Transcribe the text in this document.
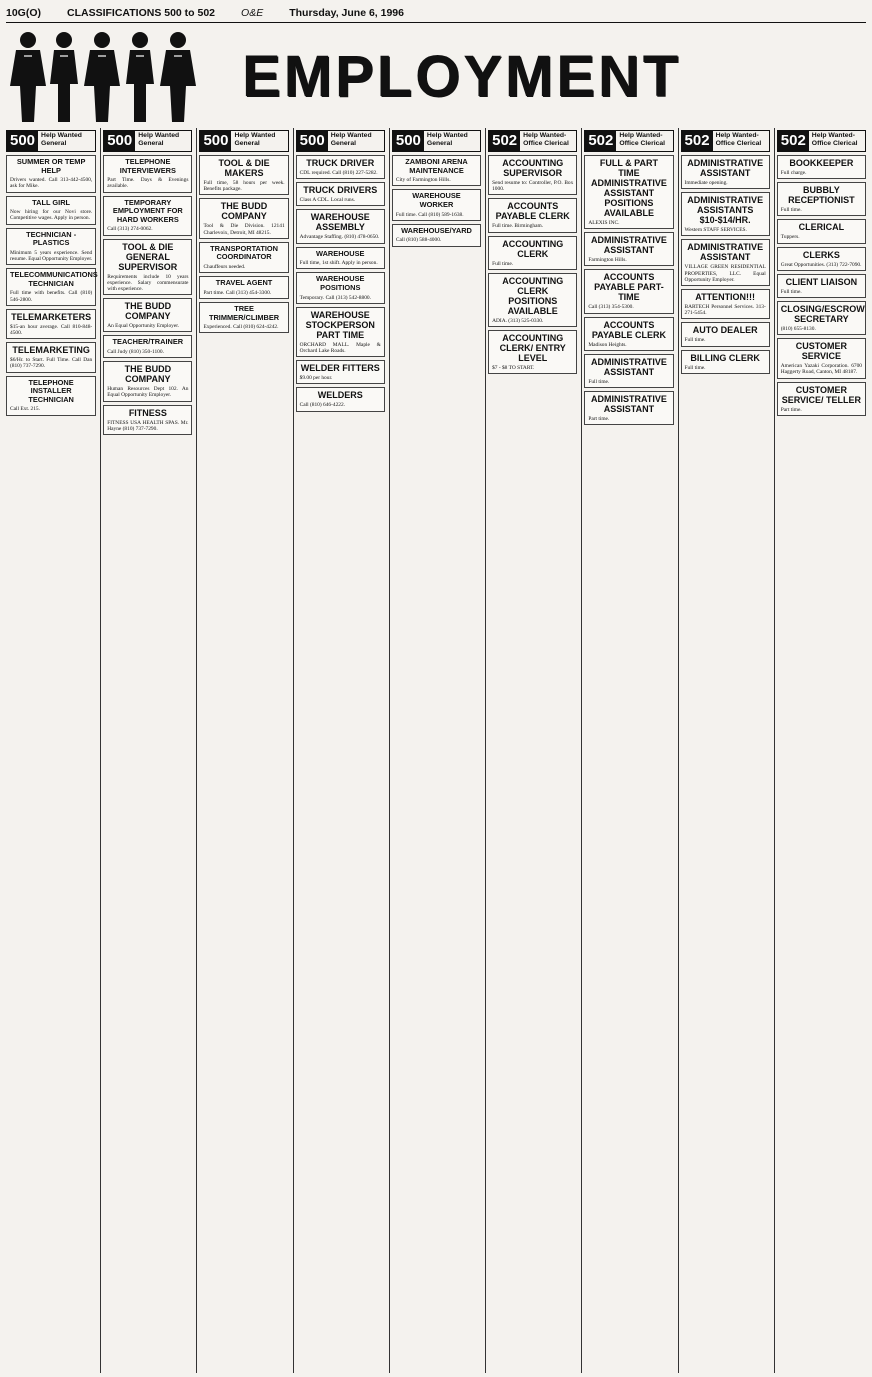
10G(O) CLASSIFICATIONS 500 to 502 O&E Thursday, June 6, 1996
EMPLOYMENT
500 Help Wanted General
SUMMER OR TEMP HELP
Drivers wanted. Call 313-442-4500, ask for Mike.
TALL GIRL
Now hiring for our Novi store. Competitive wages. Apply in person.
TECHNICIAN - PLASTICS
Minimum 5 years experience. Send resume. Equal Opportunity Employer.
TELECOMMUNICATIONS TECHNICIAN
Full time with benefits. Call (810) 546-2800.
TELEMARKETERS
$15-an hour average. Call 810-848-4500.
TELEMARKETING
$6/Hr. to Start. Full Time. Call Dan (810) 737-7290.
TELEPHONE INSTALLER TECHNICIAN
Call Ext. 215.
500 Help Wanted General
TELEPHONE INTERVIEWERS
Part Time. Days & Evenings available.
TEMPORARY EMPLOYMENT FOR HARD WORKERS
Call (313) 274-0062.
TOOL & DIE GENERAL SUPERVISOR
Requirements include 10 years experience. Salary commensurate with experience.
THE BUDD COMPANY
An Equal Opportunity Employer.
TEACHER/TRAINER
Call Judy (810) 350-1100.
THE BUDD COMPANY
Human Resources Dept 102. An Equal Opportunity Employer.
FITNESS
FITNESS USA HEALTH SPAS. Mr. Hayne (810) 737-7290.
500 Help Wanted General
TOOL & DIE MAKERS
Full time, 58 hours per week. Benefits package.
THE BUDD COMPANY
Tool & Die Division. 12141 Charlevoix, Detroit, MI 48215.
TRANSPORTATION COORDINATOR
Chauffeurs needed.
TRAVEL AGENT
Part time. Call (313) 454-3300.
TREE TRIMMER/CLIMBER
Experienced. Call (810) 624-4242.
500 Help Wanted General
TRUCK DRIVER
CDL required. Call (810) 227-5282.
TRUCK DRIVERS
Class A CDL. Local runs.
WAREHOUSE ASSEMBLY
Advantage Staffing. (810) 478-0650.
WAREHOUSE
Full time, 1st shift. Apply in person.
WAREHOUSE POSITIONS
Temporary. Call (313) 542-8800.
WAREHOUSE STOCKPERSON PART TIME
ORCHARD MALL. Maple & Orchard Lake Roads.
WELDER FITTERS
$9.00 per hour.
WELDERS
Call (810) 646-4222.
500 Help Wanted General
ZAMBONI ARENA MAINTENANCE
City of Farmington Hills.
WAREHOUSE WORKER
Full time. Call (810) 589-1638.
WAREHOUSE/YARD
Call (810) 588-4000.
502 Help Wanted-Office Clerical
ACCOUNTING SUPERVISOR
Send resume to: Controller, P.O. Box 1000.
ACCOUNTS PAYABLE CLERK
Full time. Birmingham.
ACCOUNTING CLERK
Full time.
ACCOUNTING CLERK POSITIONS AVAILABLE
ADIA. (313) 525-0330.
ACCOUNTING CLERK/ ENTRY LEVEL
$7 - $8 TO START.
502 Help Wanted-Office Clerical
FULL & PART TIME ADMINISTRATIVE ASSISTANT POSITIONS AVAILABLE
ALEXIS INC.
ADMINISTRATIVE ASSISTANT
Farmington Hills.
ACCOUNTS PAYABLE PART-TIME
Call (313) 354-5300.
ACCOUNTS PAYABLE CLERK
Madison Heights.
ADMINISTRATIVE ASSISTANT
Full time.
ADMINISTRATIVE ASSISTANT
Part time.
502 Help Wanted-Office Clerical
ADMINISTRATIVE ASSISTANT
Immediate opening.
ADMINISTRATIVE ASSISTANTS $10-$14/HR.
Western STAFF SERVICES.
ADMINISTRATIVE ASSISTANT
VILLAGE GREEN RESIDENTIAL PROPERTIES, LLC. Equal Opportunity Employer.
ATTENTION!!!
BARTECH Personnel Services. 313-271-5454.
AUTO DEALER
Full time.
BILLING CLERK
Full time.
502 Help Wanted-Office Clerical
BOOKKEEPER
Full charge.
BUBBLY RECEPTIONIST
Full time.
CLERICAL
Tuppers.
CLERKS
Great Opportunities. (313) 722-7090.
CLIENT LIAISON
Full time.
CLOSING/ESCROW SECRETARY
(810) 655-8130.
CUSTOMER SERVICE
American Yazaki Corporation. 6700 Haggerty Road, Canton, MI 48187.
CUSTOMER SERVICE/ TELLER
Part time.
